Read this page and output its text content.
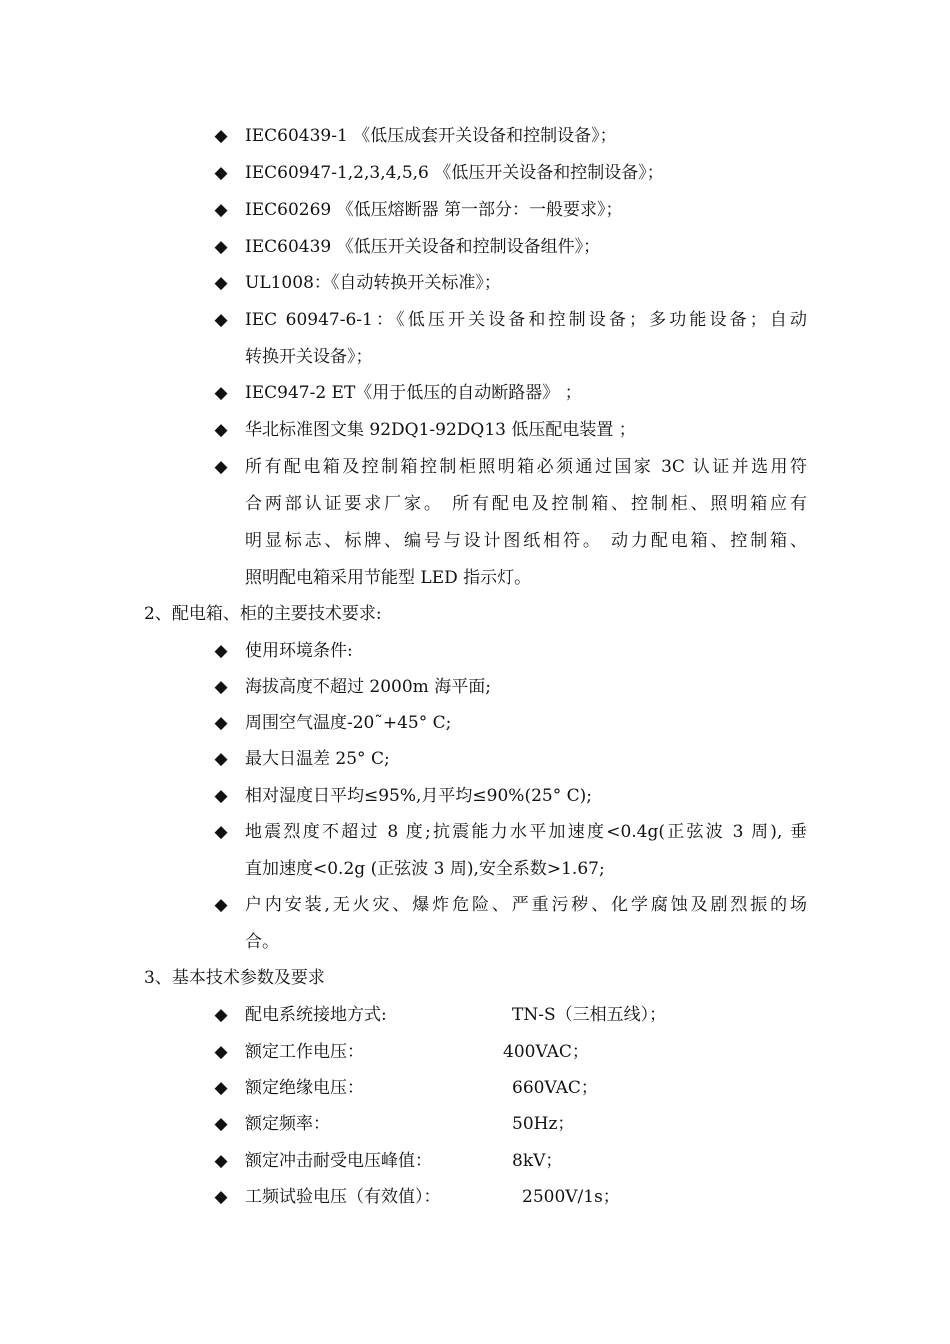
◆ IEC60439-1 《低压成套开关设备和控制设备》；
◆ IEC60947-1,2,3,4,5,6 《低压开关设备和控制设备》；
◆ IEC60269 《低压熔断器 第一部分：一般要求》；
◆ IEC60439 《低压开关设备和控制设备组件》；
◆ UL1008：《自动转换开关标准》；
◆ IEC 60947-6-1：《低压开关设备和控制设备；多功能设备；自动
转换开关设备》；
◆ IEC947-2 ET《用于低压的自动断路器》 ；
◆ 华北标准图文集 92DQ1-92DQ13 低压配电装置 ；
◆ 所有配电箱及控制箱控制柜照明箱必须通过国家 3C 认证并选用符
合两部认证要求厂家。 所有配电及控制箱、控制柜、照明箱应有
明显标志、标牌、编号与设计图纸相符。 动力配电箱、控制箱、
照明配电箱采用节能型 LED 指示灯。
2、配电箱、柜的主要技术要求:
◆ 使用环境条件:
◆ 海拔高度不超过 2000m 海平面;
◆ 周围空气温度-20˜+45° C;
◆ 最大日温差 25° C;
◆ 相对湿度日平均≤95%,月平均≤90%(25° C);
◆ 地震烈度不超过 8 度;抗震能力水平加速度<0.4g(正弦波 3 周), 垂
直加速度<0.2g (正弦波 3 周),安全系数>1.67;
◆ 户内安装,无火灾、爆炸危险、严重污秽、化学腐蚀及剧烈振的场
合。
3、基本技术参数及要求
◆ 配电系统接地方式:	TN-S（三相五线）；
◆ 额定工作电压：	400VAC；
◆ 额定绝缘电压：	660VAC；
◆ 额定频率：	50Hz；
◆ 额定冲击耐受电压峰值：	8kV；
◆ 工频试验电压（有效值）：	2500V/1s；
